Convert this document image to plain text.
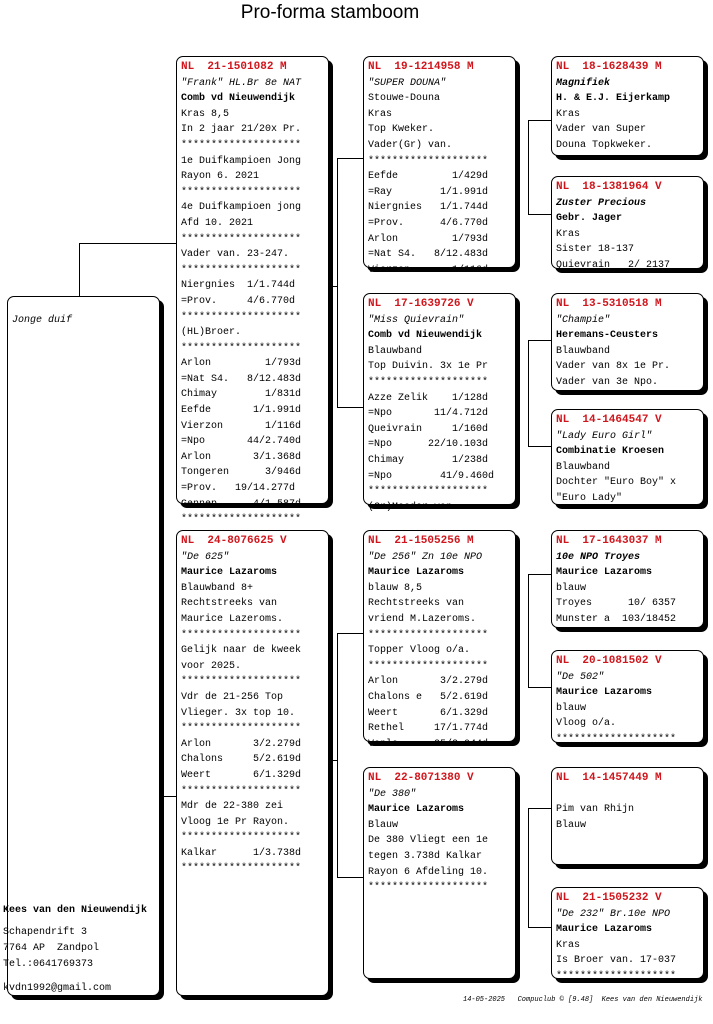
Pro-forma stamboom
Jonge duif
NL  21-1501082 M
"Frank" HL.Br 8e NAT
Comb vd Nieuwendijk
Kras 8,5
In 2 jaar 21/20x Pr.
********************
1e Duifkampioen Jong
Rayon 6. 2021
********************
4e Duifkampioen jong
Afd 10. 2021
********************
Vader van. 23-247.
********************
Niergnies  1/1.744d
=Prov.     4/6.770d
********************
(HL)Broer.
********************
Arlon         1/793d
=Nat S4.   8/12.483d
Chimay        1/831d
Eefde       1/1.991d
Vierzon       1/116d
=Npo       44/2.740d
Arlon       3/1.368d
Tongeren      3/946d
=Prov.   19/14.277d
Gennep      4/1.587d
********************
NL  24-8076625 V
"De 625"
Maurice Lazaroms
Blauwband 8+
Rechtstreeks van
Maurice Lazeroms.
********************
Gelijk naar de kweek
voor 2025.
********************
Vdr de 21-256 Top
Vlieger. 3x top 10.
********************
Arlon       3/2.279d
Chalons     5/2.619d
Weert       6/1.329d
********************
Mdr de 22-380 zei
Vloog 1e Pr Rayon.
********************
Kalkar      1/3.738d
********************
NL  19-1214958 M
"SUPER DOUNA"
Stouwe-Douna
Kras
Top Kweker.
Vader(Gr) van.
********************
Eefde         1/429d
=Ray        1/1.991d
Niergnies   1/1.744d
=Prov.      4/6.770d
Arlon         1/793d
=Nat S4.   8/12.483d
Vierzon       1/116d
NL  17-1639726 V
"Miss Quievrain"
Comb vd Nieuwendijk
Blauwband
Top Duivin. 3x 1e Pr
********************
Azze Zelik    1/128d
=Npo       11/4.712d
Queivrain     1/160d
=Npo      22/10.103d
Chimay        1/238d
=Npo        41/9.460d
********************
(Gr)Moeder van.
NL  21-1505256 M
"De 256" Zn 10e NPO
Maurice Lazaroms
blauw 8,5
Rechtstreeks van
vriend M.Lazeroms.
********************
Topper Vloog o/a.
********************
Arlon       3/2.279d
Chalons e   5/2.619d
Weert       6/1.329d
Rethel     17/1.774d
Venlo      25/2.044d
NL  22-8071380 V
"De 380"
Maurice Lazaroms
Blauw
De 380 Vliegt een 1e
tegen 3.738d Kalkar
Rayon 6 Afdeling 10.
********************
NL  18-1628439 M
Magnifiek
H. & E.J. Eijerkamp
Kras
Vader van Super
Douna Topkweker.
NL  18-1381964 V
Zuster Precious
Gebr. Jager
Kras
Sister 18-137
Quievrain   2/ 2137
NL  13-5310518 M
"Champie"
Heremans-Ceusters
Blauwband
Vader van 8x 1e Pr.
Vader van 3e Npo.
NL  14-1464547 V
"Lady Euro Girl"
Combinatie Kroesen
Blauwband
Dochter "Euro Boy" x
"Euro Lady"
NL  17-1643037 M
10e NPO Troyes
Maurice Lazaroms
blauw
Troyes      10/ 6357
Munster a  103/18452
NL  20-1081502 V
"De 502"
Maurice Lazaroms
blauw
Vloog o/a.
********************
NL  14-1457449 M
Pim van Rhijn
Blauw
NL  21-1505232 V
"De 232" Br.10e NPO
Maurice Lazaroms
Kras
Is Broer van. 17-037
********************
Kees van den Nieuwendijk
Schapendrift 3
7764 AP  Zandpol
Tel.:0641769373
kvdn1992@gmail.com
14-05-2025   Compuclub © [9.48]  Kees van den Nieuwendijk
